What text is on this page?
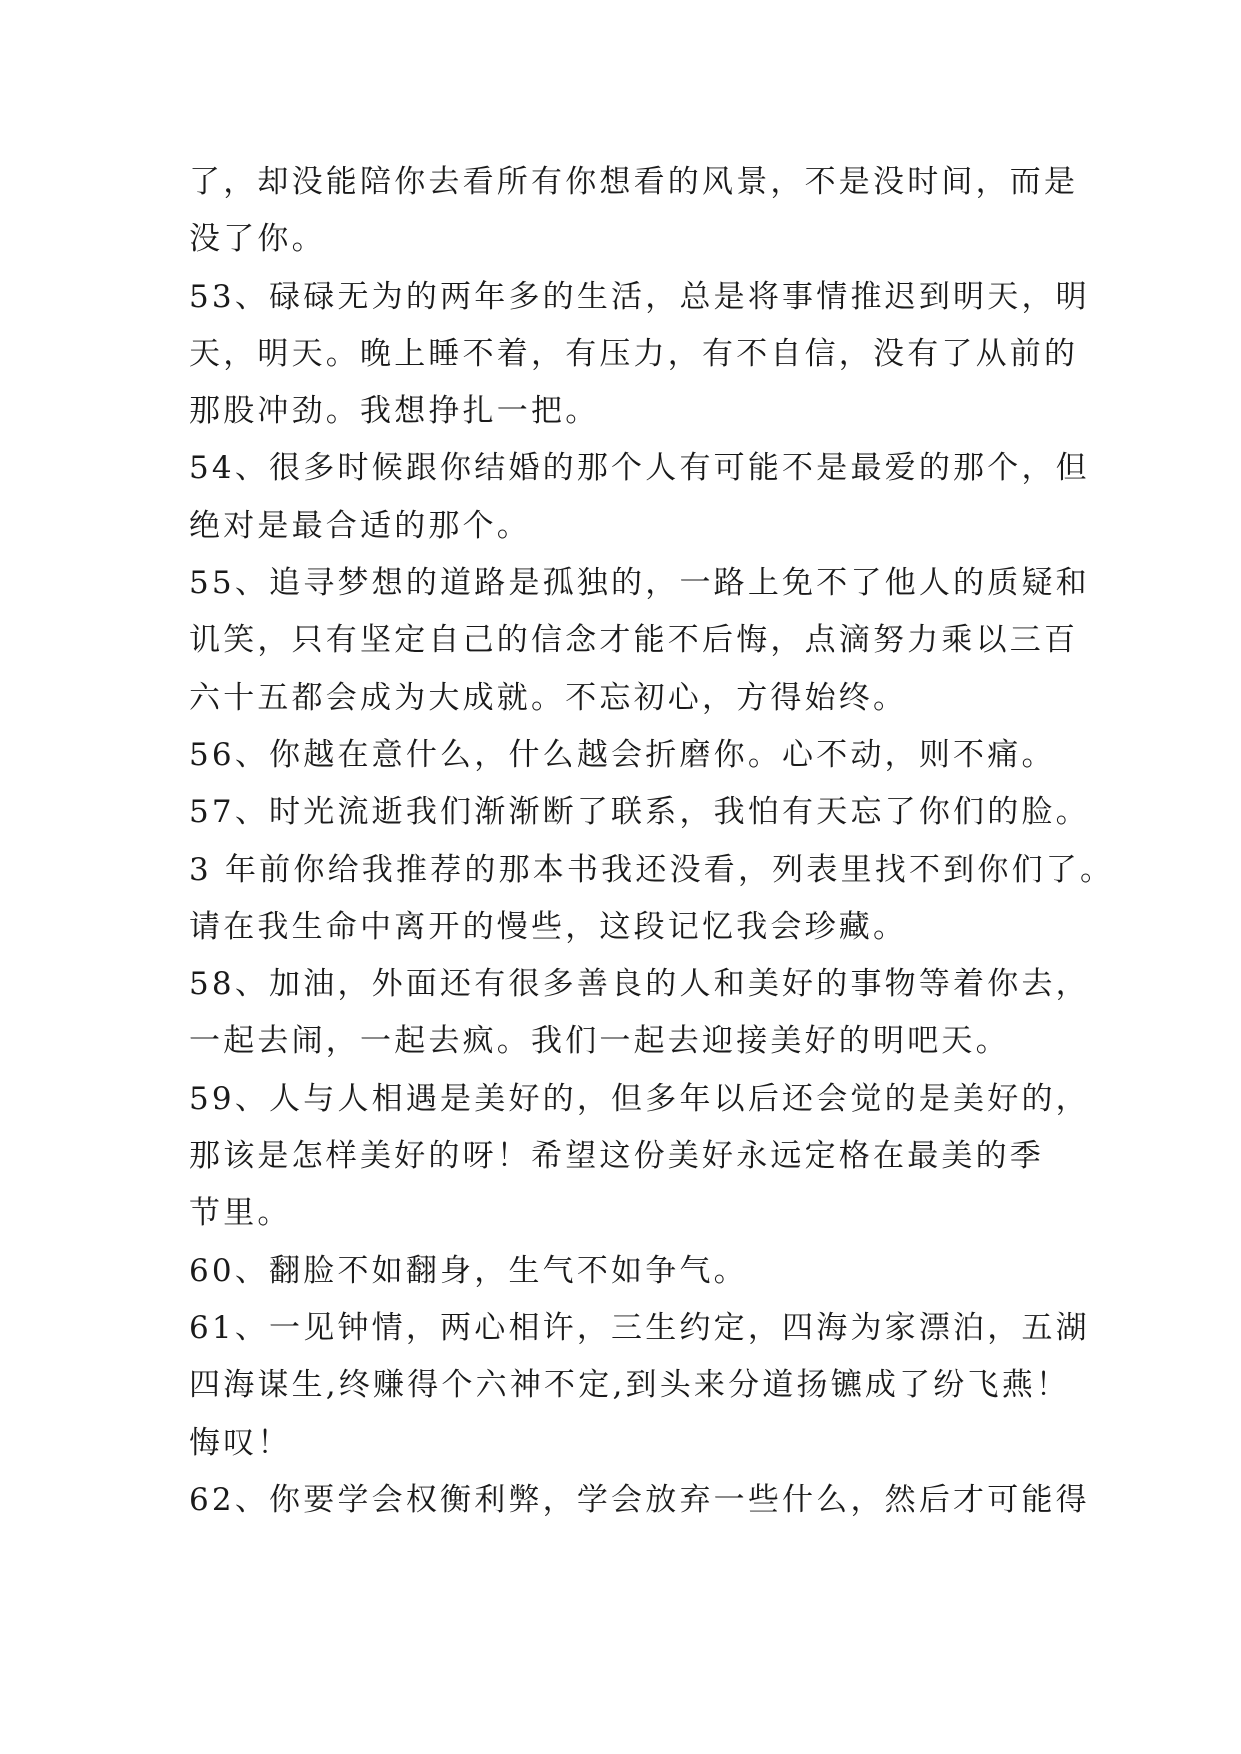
了，却没能陪你去看所有你想看的风景，不是没时间，而是
没了你。
53、碌碌无为的两年多的生活，总是将事情推迟到明天，明
天，明天。晚上睡不着，有压力，有不自信，没有了从前的
那股冲劲。我想挣扎一把。
54、很多时候跟你结婚的那个人有可能不是最爱的那个，但
绝对是最合适的那个。
55、追寻梦想的道路是孤独的，一路上免不了他人的质疑和
讥笑，只有坚定自己的信念才能不后悔，点滴努力乘以三百
六十五都会成为大成就。不忘初心，方得始终。
56、你越在意什么，什么越会折磨你。心不动，则不痛。
57、时光流逝我们渐渐断了联系，我怕有天忘了你们的脸。
3 年前你给我推荐的那本书我还没看，列表里找不到你们了。
请在我生命中离开的慢些，这段记忆我会珍藏。
58、加油，外面还有很多善良的人和美好的事物等着你去，
一起去闹，一起去疯。我们一起去迎接美好的明吧天。
59、人与人相遇是美好的，但多年以后还会觉的是美好的，
那该是怎样美好的呀！希望这份美好永远定格在最美的季
节里。
60、翻脸不如翻身，生气不如争气。
61、一见钟情，两心相许，三生约定，四海为家漂泊，五湖
四海谋生,终赚得个六神不定,到头来分道扬镳成了纷飞燕！
悔叹！
62、你要学会权衡利弊，学会放弃一些什么，然后才可能得
